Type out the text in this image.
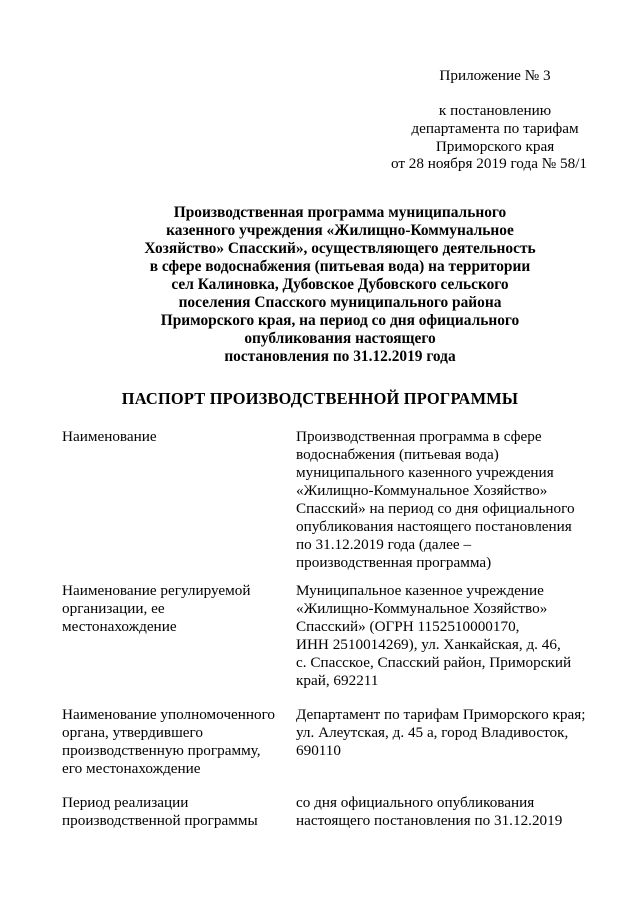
Приложение № 3
к постановлению
департамента по тарифам
Приморского края
от 28 ноября 2019 года № 58/1
Производственная программа муниципального
казенного учреждения «Жилищно-Коммунальное
Хозяйство» Спасский», осуществляющего деятельность
в сфере водоснабжения (питьевая вода) на территории
сел Калиновка, Дубовское Дубовского сельского
поселения Спасского муниципального района
Приморского края, на период со дня официального
опубликования настоящего
постановления по 31.12.2019 года
ПАСПОРТ ПРОИЗВОДСТВЕННОЙ ПРОГРАММЫ
Наименование	Производственная программа в сфере
водоснабжения (питьевая вода)
муниципального казенного учреждения
«Жилищно-Коммунальное Хозяйство»
Спасский» на период со дня официального
опубликования настоящего постановления
по 31.12.2019 года (далее –
производственная программа)
Наименование регулируемой
организации, ее
местонахождение
Муниципальное казенное учреждение
«Жилищно-Коммунальное Хозяйство»
Спасский» (ОГРН 1152510000170,
ИНН 2510014269), ул. Ханкайская, д. 46,
с. Спасское, Спасский район, Приморский
край, 692211
Наименование уполномоченного
органа, утвердившего
производственную программу,
его местонахождение
Департамент по тарифам Приморского края;
ул. Алеутская, д. 45 а, город Владивосток,
690110
Период реализации
производственной программы
со дня официального опубликования
настоящего постановления по 31.12.2019
